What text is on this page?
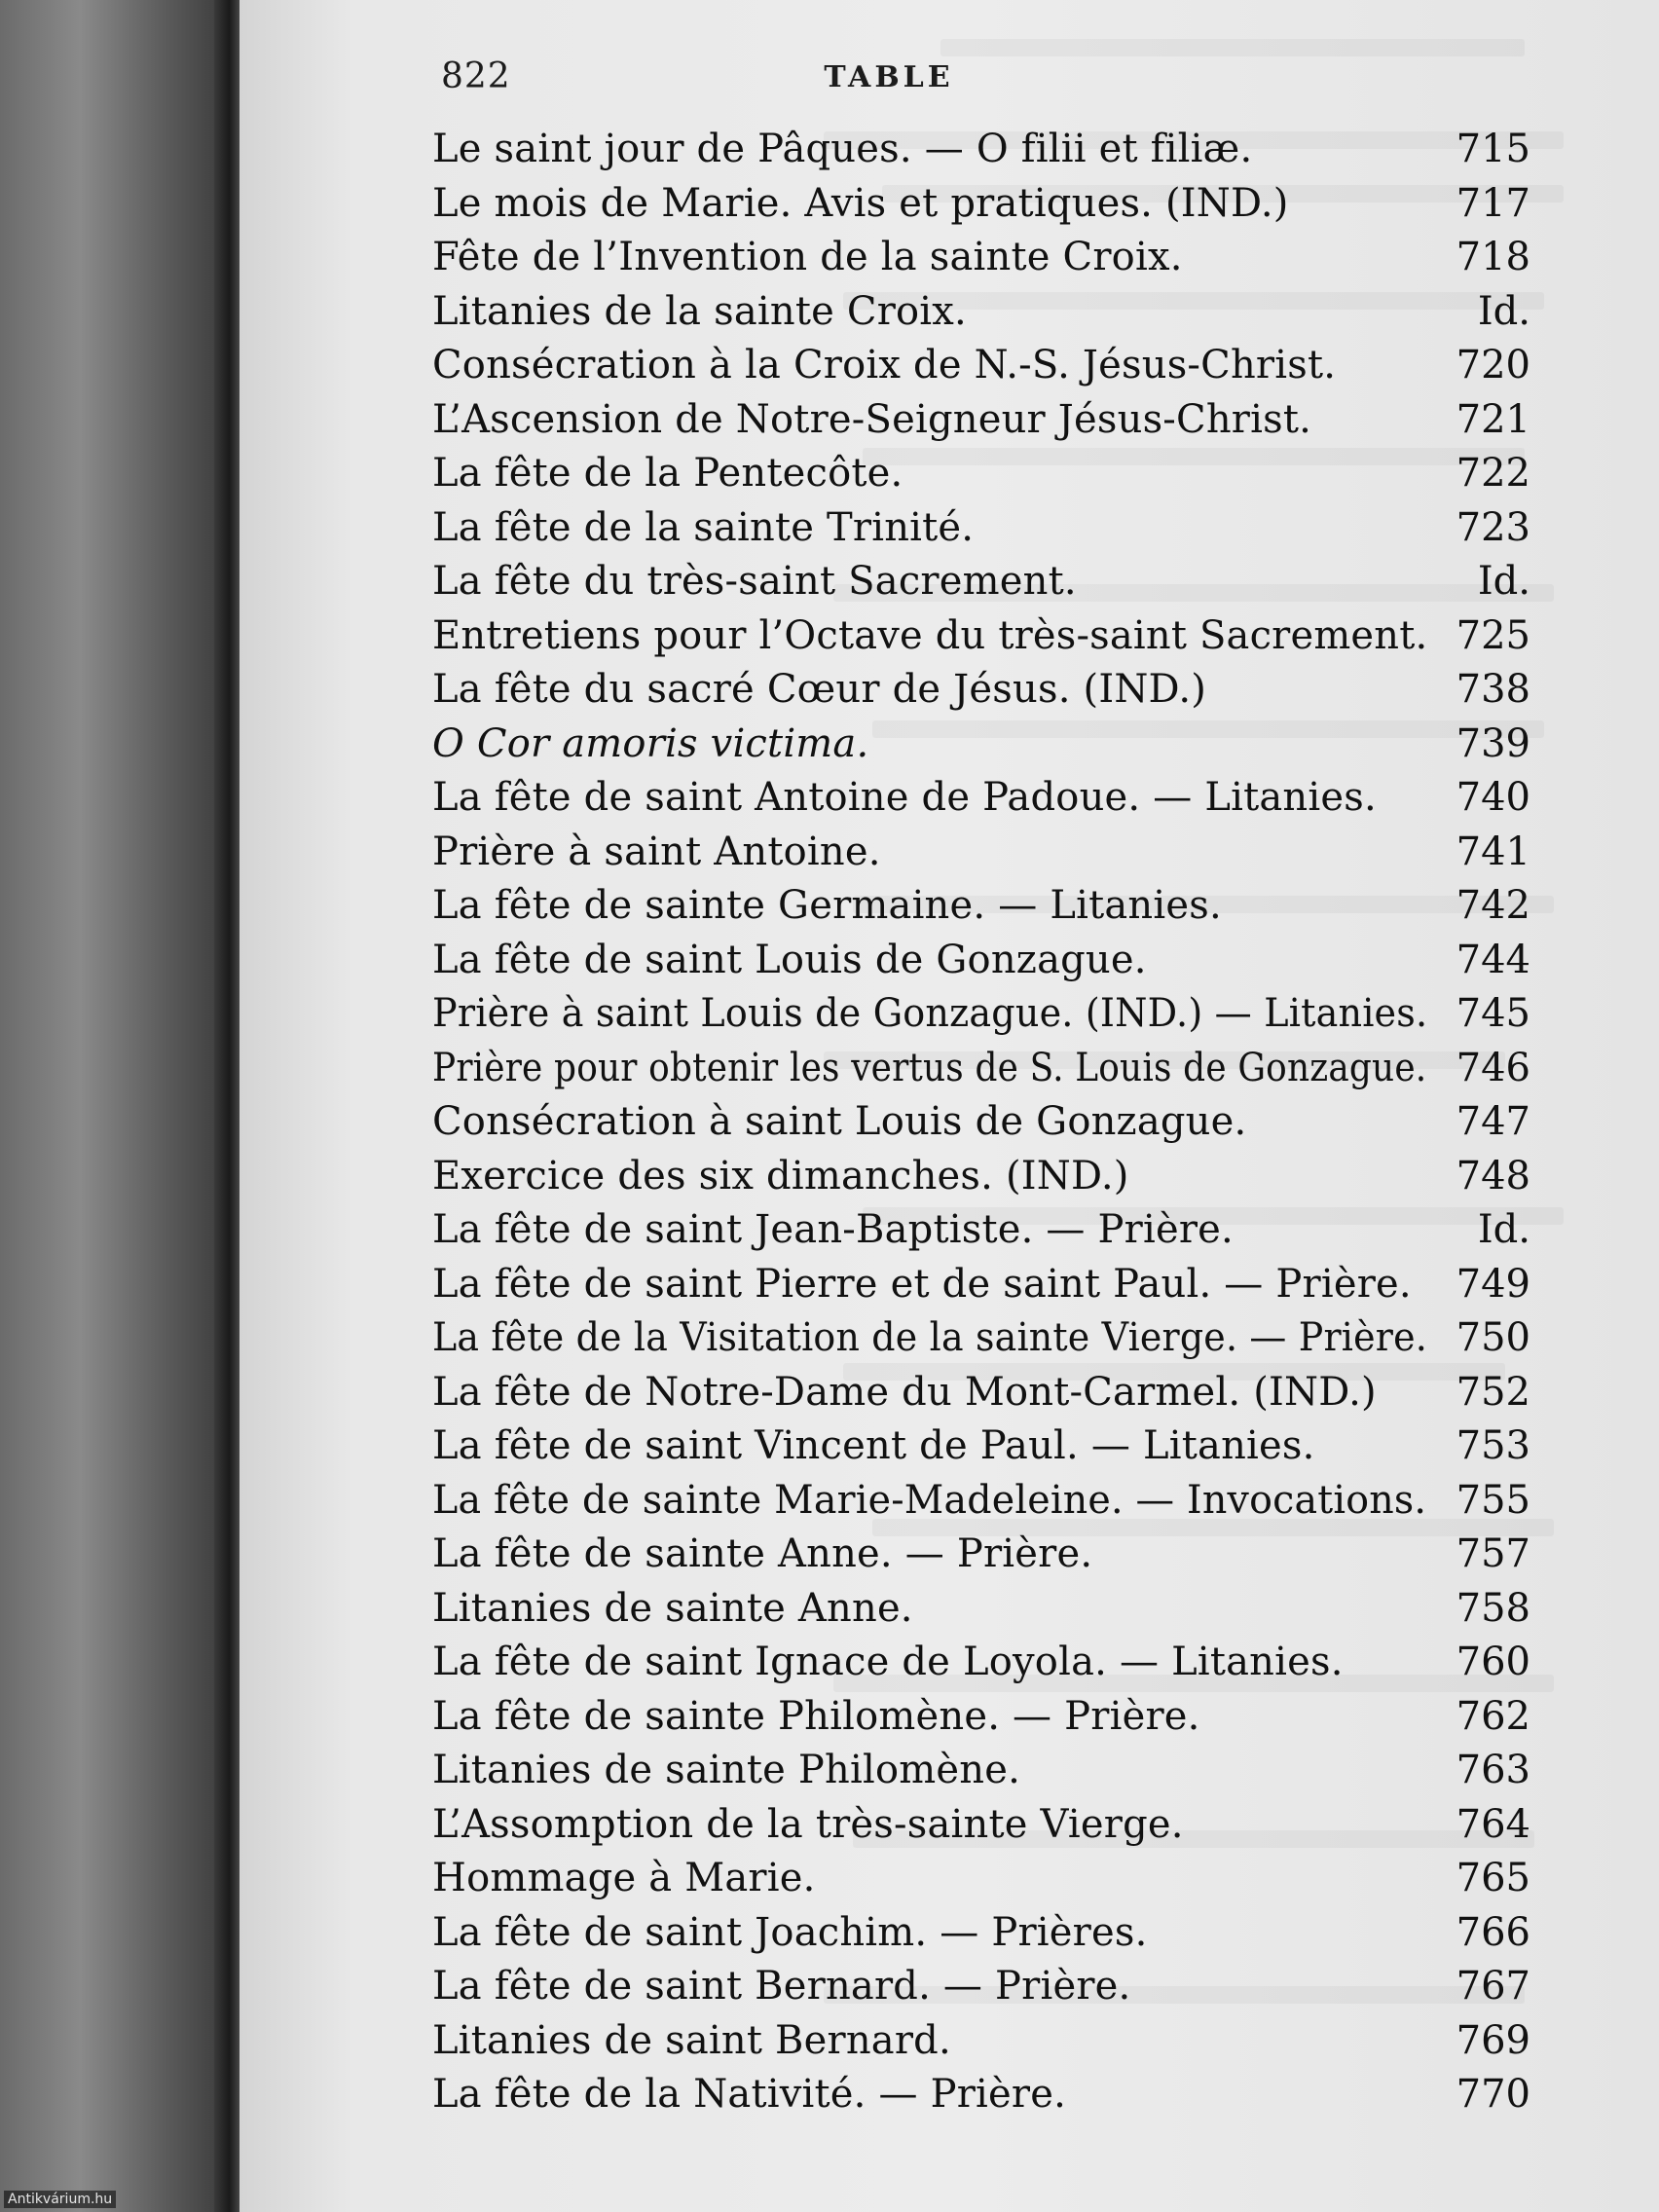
822	TABLE
Le saint jour de Pâques. — O filii et filiæ.	715
Le mois de Marie. Avis et pratiques. (IND.)	717
Fête de l’Invention de la sainte Croix.	718
Litanies de la sainte Croix.	Id.
Consécration à la Croix de N.-S. Jésus-Christ.	720
L’Ascension de Notre-Seigneur Jésus-Christ.	721
La fête de la Pentecôte.	722
La fête de la sainte Trinité.	723
La fête du très-saint Sacrement.	Id.
Entretiens pour l’Octave du très-saint Sacrement. 725
La fête du sacré Cœur de Jésus. (IND.)	738
O Cor amoris victima.	739
La fête de saint Antoine de Padoue. — Litanies. 740
Prière à saint Antoine.	741
La fête de sainte Germaine. — Litanies.	742
La fête de saint Louis de Gonzague.	744
Prière à saint Louis de Gonzague. (IND.) — Litanies. 745
Prière pour obtenir les vertus de S. Louis de Gonzague. 746
Consécration à saint Louis de Gonzague.	747
Exercice des six dimanches. (IND.)	748
La fête de saint Jean-Baptiste. — Prière.	Id.
La fête de saint Pierre et de saint Paul. — Prière. 749
La fête de la Visitation de la sainte Vierge. — Prière. 750
La fête de Notre-Dame du Mont-Carmel. (IND.) 752
La fête de saint Vincent de Paul. — Litanies.	753
La fête de sainte Marie-Madeleine. — Invocations. 755
La fête de sainte Anne. — Prière.	757
Litanies de sainte Anne.	758
La fête de saint Ignace de Loyola. — Litanies.	760
La fête de sainte Philomène. — Prière.	762
Litanies de sainte Philomène.	763
L’Assomption de la très-sainte Vierge.	764
Hommage à Marie.	765
La fête de saint Joachim. — Prières.	766
La fête de saint Bernard. — Prière.	767
Litanies de saint Bernard.	769
La fête de la Nativité. — Prière.	770
Antikvárium.hu
